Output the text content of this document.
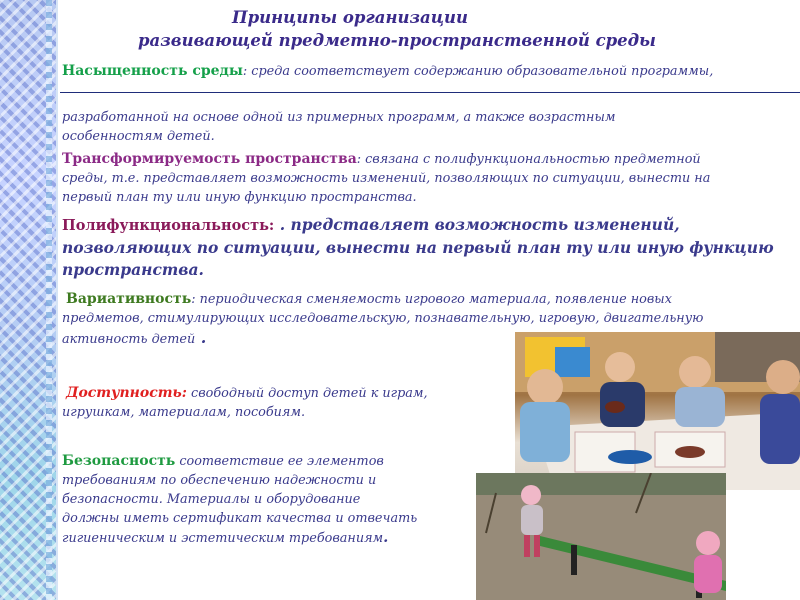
Принципы организации
развивающей предметно-пространственной среды

Насыщенность среды: среда соответствует содержанию образовательной программы,

разработанной на основе одной из примерных программ, а также возрастным
особенностям детей.

Трансформируемость пространства: связана с полифункциональностью предметной
среды, т.е. представляет возможность изменений, позволяющих по ситуации, вынести на
первый план ту или иную функцию пространства.

Полифункциональность: . представляет возможность изменений,
позволяющих по ситуации, вынести на первый план ту или иную функцию
пространства.

Вариативность: периодическая сменяемость игрового материала, появление новых
предметов, стимулирующих исследовательскую, познавательную, игровую, двигательную
активность детей .

Доступность: свободный доступ детей к играм,
игрушкам, материалам, пособиям.

Безопасность соответствие ее элементов
требованиям по обеспечению надежности и
безопасности. Материалы и оборудование
должны иметь сертификат качества и отвечать
гигиеническим и эстетическим требованиям.
